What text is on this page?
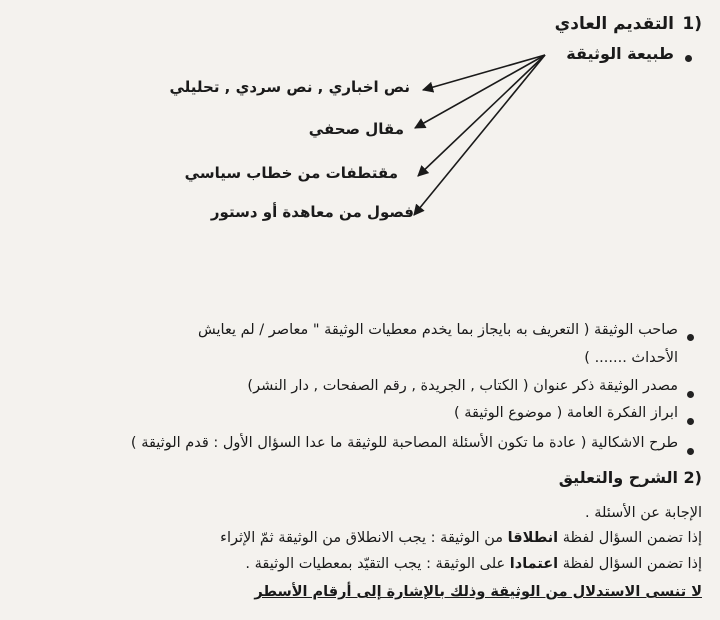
1)
التقديم العادي
طبيعة الوثيقة
نص اخباري , نص سردي , تحليلي
مقال صحفي
مقتطفات من خطاب سياسي
فصول من معاهدة أو دستور
صاحب الوثيقة ( التعريف به بايجاز بما يخدم معطيات الوثيقة " معاصر / لم يعايش
الأحداث ....... )
مصدر الوثيقة ذكر عنوان ( الكتاب , الجريدة , رقم الصفحات , دار النشر)
ابراز الفكرة العامة ( موضوع الوثيقة )
طرح الاشكالية ( عادة ما تكون الأسئلة المصاحبة للوثيقة ما عدا السؤال الأول : قدم الوثيقة )
2)
الشرح والتعليق
الإجابة عن الأسئلة .
إذا تضمن السؤال لفظة انطلاقا من الوثيقة : يجب الانطلاق من الوثيقة ثمّ الإثراء
إذا تضمن السؤال لفظة اعتمادا على الوثيقة : يجب التقيّد بمعطيات الوثيقة .
لا تنسى الاستدلال من الوثيقة وذلك بالإشارة إلى أرقام الأسطر
